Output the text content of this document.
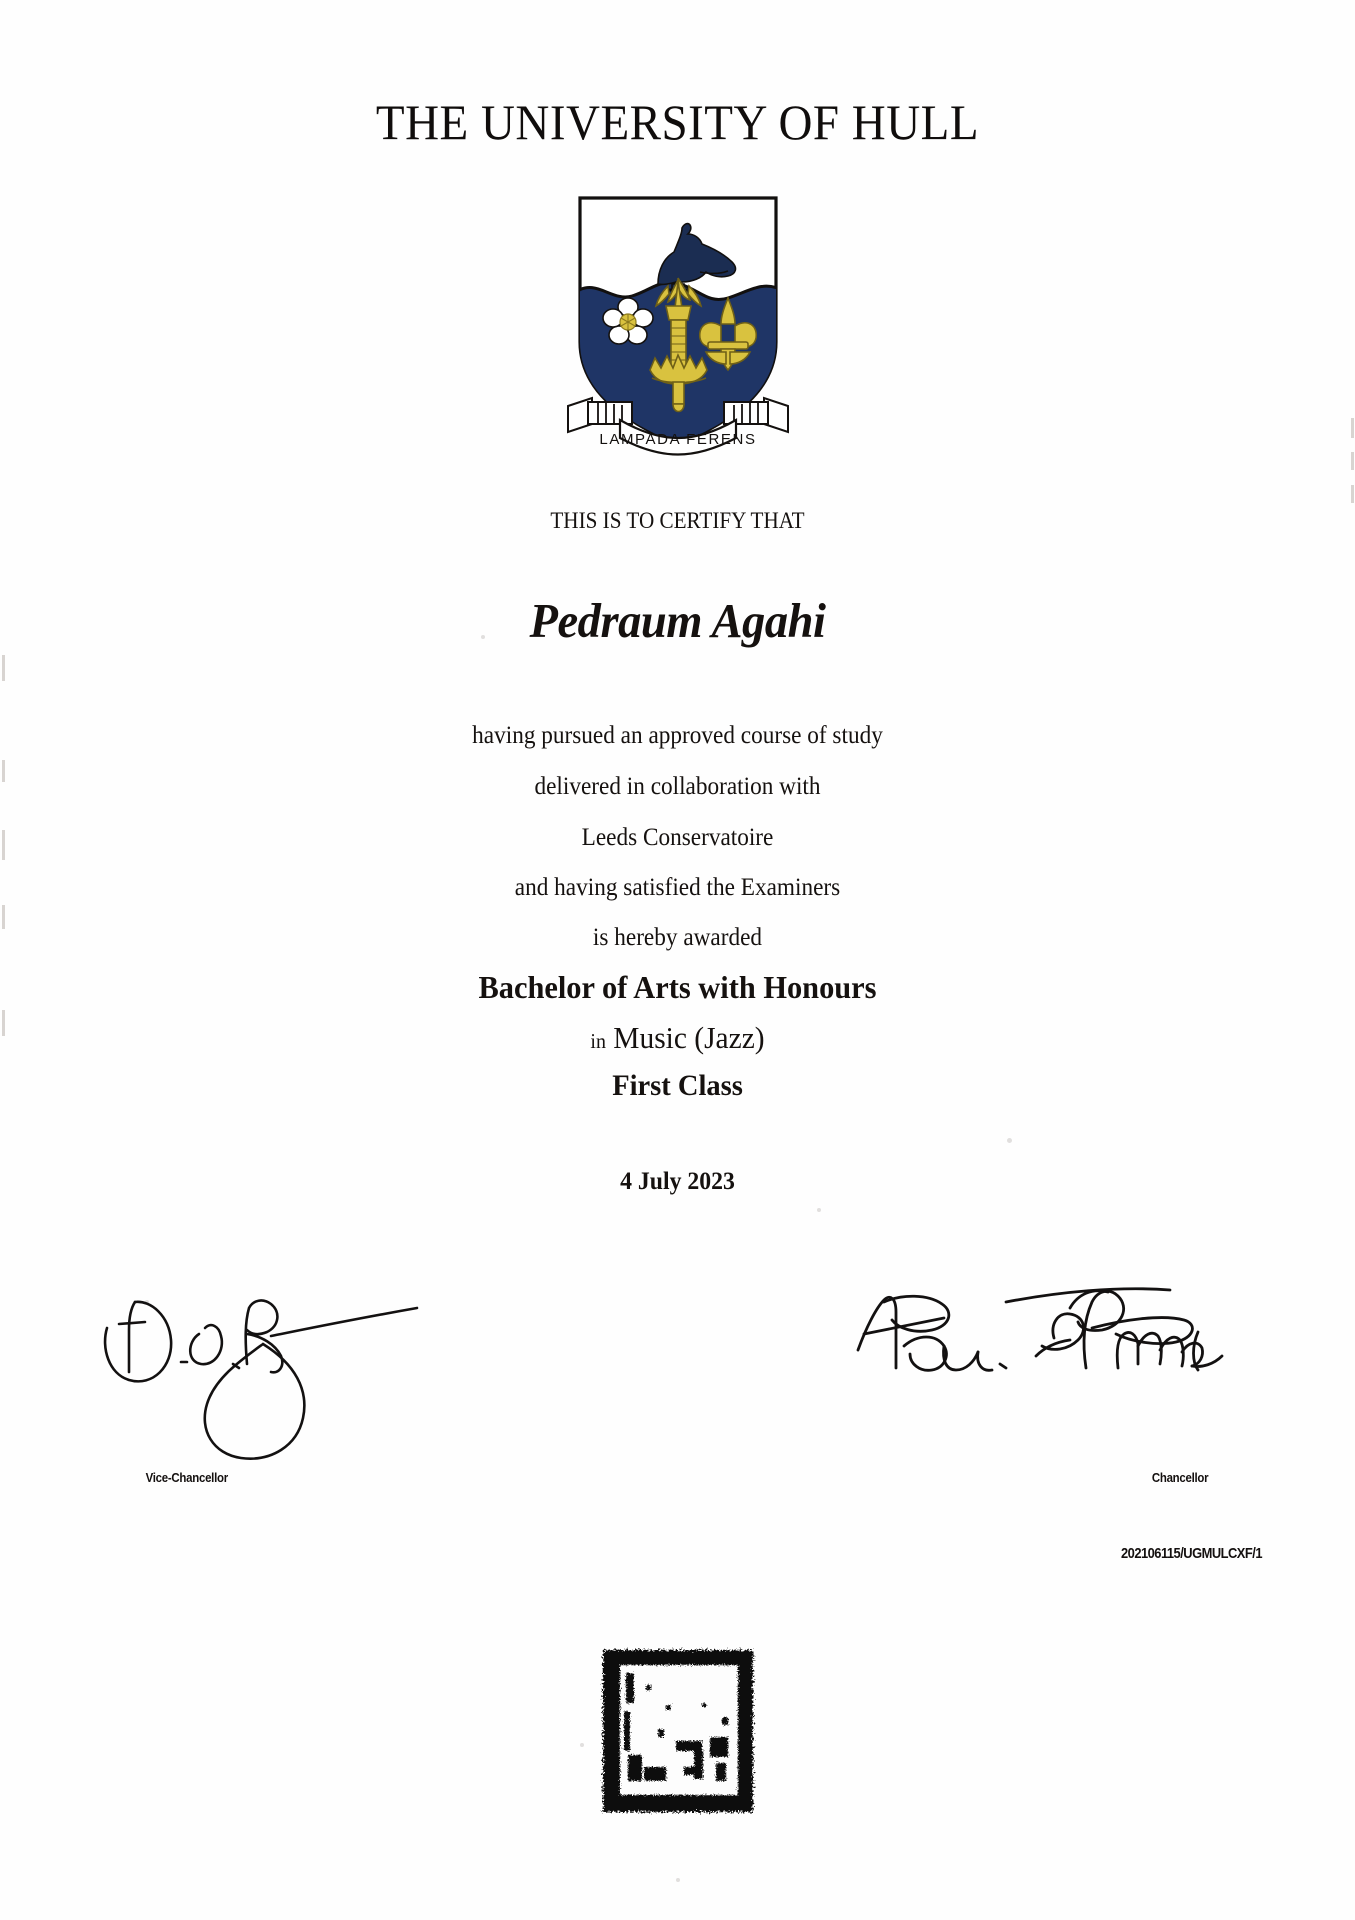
THE UNIVERSITY OF HULL
LAMPADA FERENS
THIS IS TO CERTIFY THAT
Pedraum Agahi
having pursued an approved course of study
delivered in collaboration with
Leeds Conservatoire
and having satisfied the Examiners
is hereby awarded
Bachelor of Arts with Honours
in Music (Jazz)
First Class
4 July 2023
Vice-Chancellor	Chancellor
202106115/UGMULCXF/1
